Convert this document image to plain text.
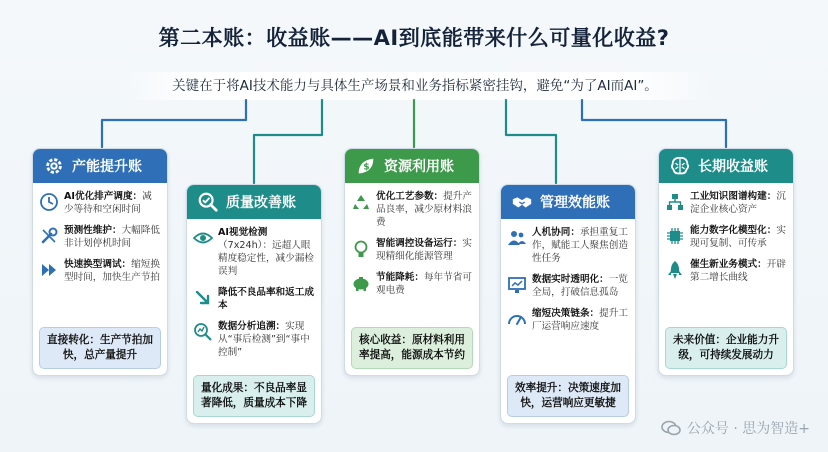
第二本账：收益账——AI到底能带来什么可量化收益?
关键在于将AI技术能力与具体生产场景和业务指标紧密挂钩，避免“为了AI而AI”。
产能提升账
AI优化排产调度：减少等待和空闲时间
预测性维护：大幅降低非计划停机时间
快速换型调试：缩短换型时间，加快生产节拍
直接转化：生产节拍加快，总产量提升
质量改善账
AI视觉检测（7x24h）：远超人眼精度稳定性，减少漏检误判
降低不良品率和返工成本
数据分析追溯：实现从“事后检测”到“事中控制”
量化成果：不良品率显著降低，质量成本下降
$ 资源利用账
优化工艺参数：提升产品良率，减少原材料浪费
智能调控设备运行：实现精细化能源管理
节能降耗：每年节省可观电费
核心收益：原材料利用率提高，能源成本节约
管理效能账
人机协同：承担重复工作，赋能工人聚焦创造性任务
数据实时透明化：一览全局，打破信息孤岛
缩短决策链条：提升工厂运营响应速度
效率提升：决策速度加快，运营响应更敏捷
长期收益账
工业知识图谱构建：沉淀企业核心资产
能力数字化模型化：实现可复制、可传承
催生新业务模式：开辟第二增长曲线
未来价值：企业能力升级，可持续发展动力
公众号 · 思为智造+
